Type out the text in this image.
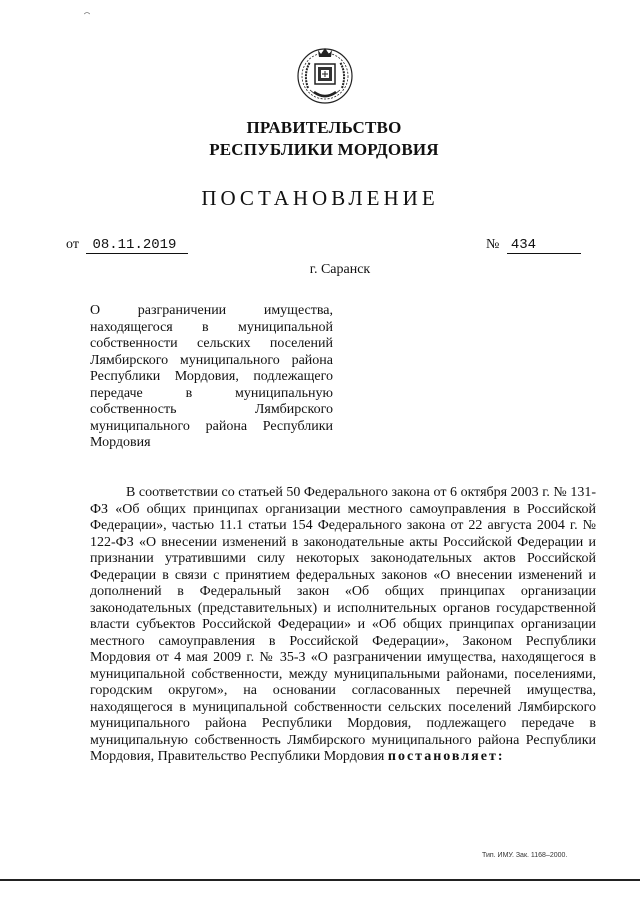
ПРАВИТЕЛЬСТВО
РЕСПУБЛИКИ МОРДОВИЯ
ПОСТАНОВЛЕНИЕ
от 08.11.2019	№ 434
г. Саранск
О разграничении имущества, находящегося в муниципальной собственности сельских поселений Лямбирского муниципального района Республики Мордовия, подлежащего передаче в муниципальную собственность Лямбирского муниципального района Республики Мордовия
В соответствии со статьей 50 Федерального закона от 6 октября 2003 г. № 131-ФЗ «Об общих принципах организации местного самоуправления в Российской Федерации», частью 11.1 статьи 154 Федерального закона от 22 августа 2004 г. № 122-ФЗ «О внесении изменений в законодательные акты Российской Федерации и признании утратившими силу некоторых законодательных актов Российской Федерации в связи с принятием федеральных законов «О внесении изменений и дополнений в Федеральный закон «Об общих принципах организации законодательных (представительных) и исполнительных органов государственной власти субъектов Российской Федерации» и «Об общих принципах организации местного самоуправления в Российской Федерации», Законом Республики Мордовия от 4 мая 2009 г. № 35-З «О разграничении имущества, находящегося в муниципальной собственности, между муниципальными районами, поселениями, городским округом», на основании согласованных перечней имущества, находящегося в муниципальной собственности сельских поселений Лямбирского муниципального района Республики Мордовия, подлежащего передаче в муниципальную собственность Лямбирского муниципального района Республики Мордовия, Правительство Республики Мордовия постановляет:
Тип. ИМУ. Зак. 1168–2000.
